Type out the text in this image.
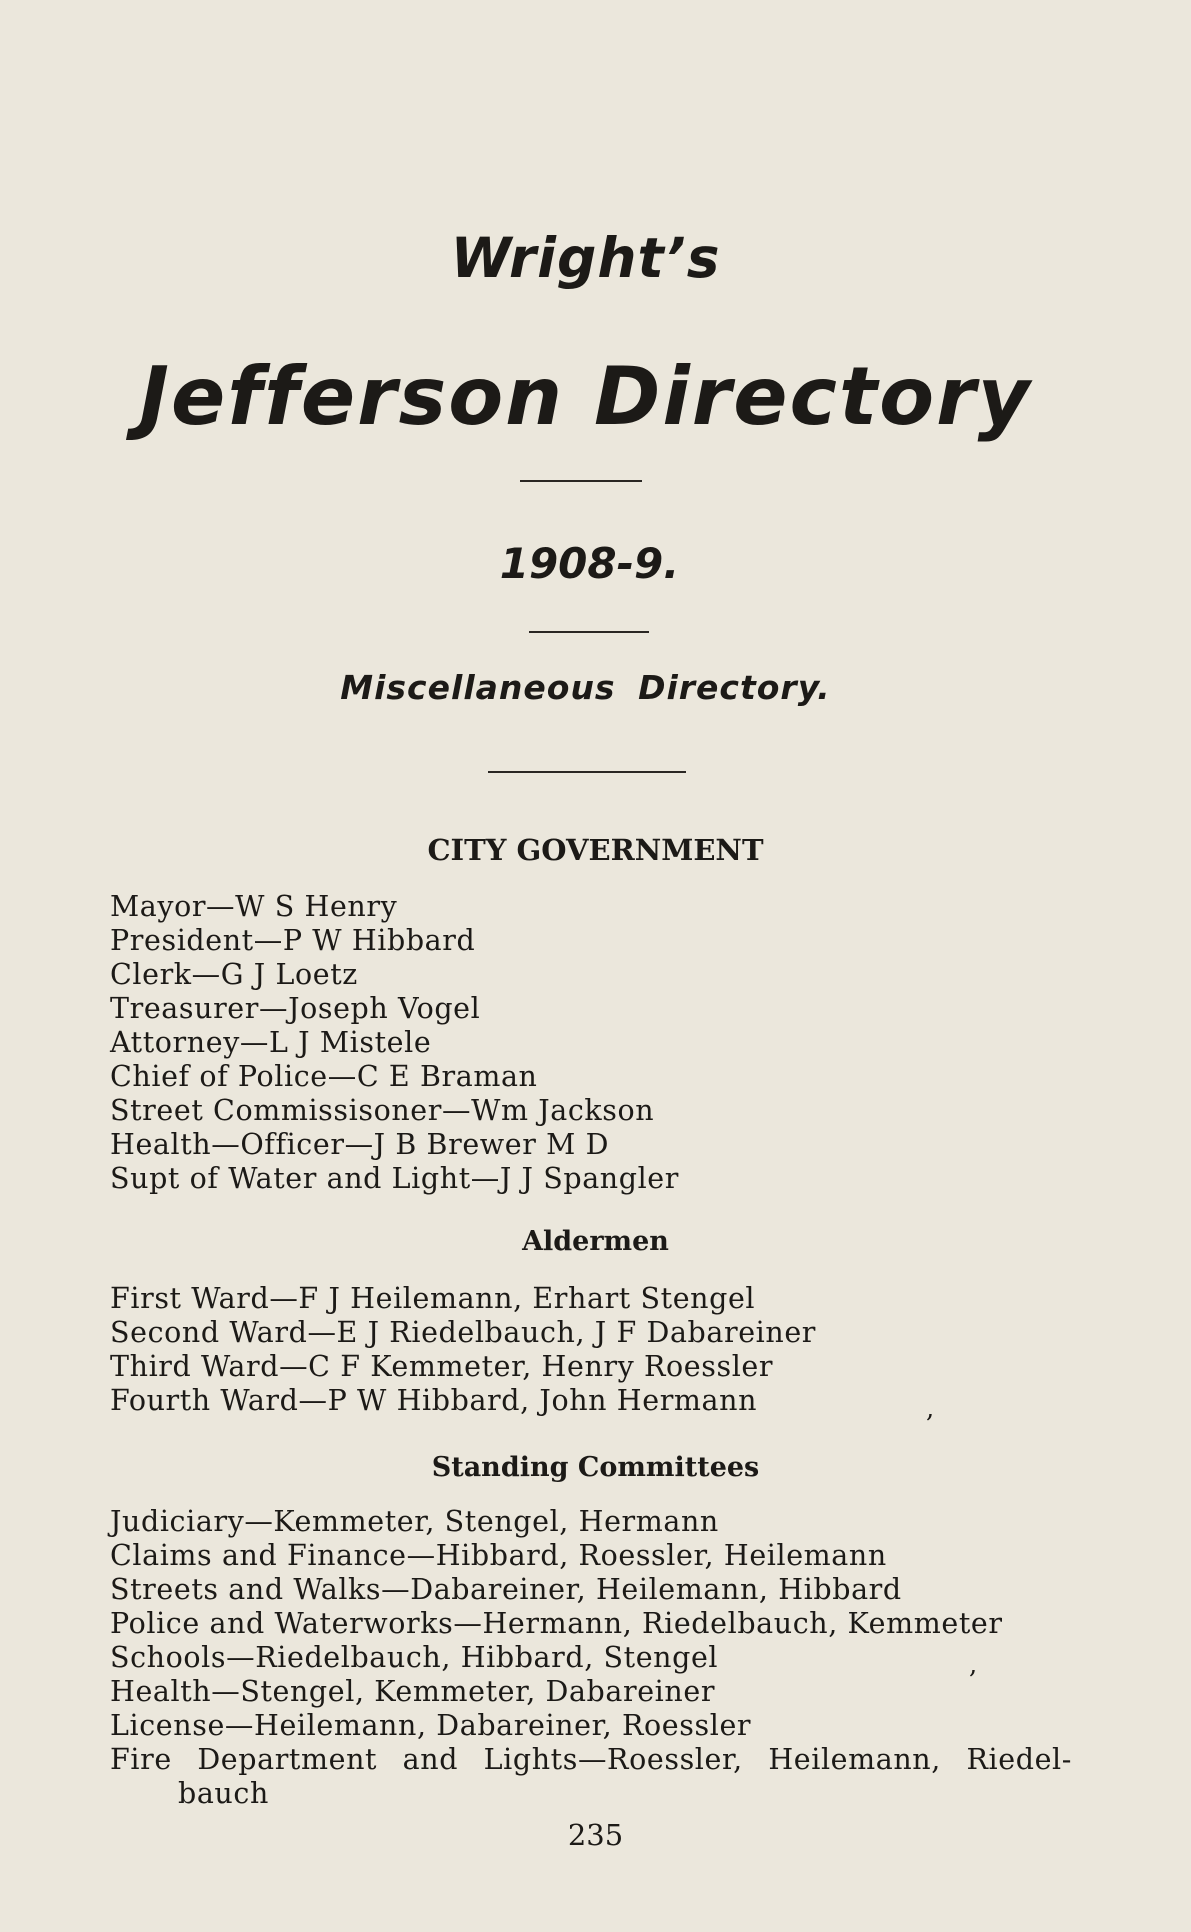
Wright’s
Jefferson Directory
1908-9.
Miscellaneous Directory.
CITY GOVERNMENT
Mayor—W S Henry
President—P W Hibbard
Clerk—G J Loetz
Treasurer—Joseph Vogel
Attorney—L J Mistele
Chief of Police—C E Braman
Street Commissisoner—Wm Jackson
Health—Officer—J B Brewer M D
Supt of Water and Light—J J Spangler
Aldermen
First Ward—F J Heilemann, Erhart Stengel
Second Ward—E J Riedelbauch, J F Dabareiner
Third Ward—C F Kemmeter, Henry Roessler
Fourth Ward—P W Hibbard, John Hermann
Standing Committees
Judiciary—Kemmeter, Stengel, Hermann
Claims and Finance—Hibbard, Roessler, Heilemann
Streets and Walks—Dabareiner, Heilemann, Hibbard
Police and Waterworks—Hermann, Riedelbauch, Kemmeter
Schools—Riedelbauch, Hibbard, Stengel
Health—Stengel, Kemmeter, Dabareiner
License—Heilemann, Dabareiner, Roessler
Fire Department and Lights—Roessler, Heilemann, Riedel-
bauch
,
,

235
